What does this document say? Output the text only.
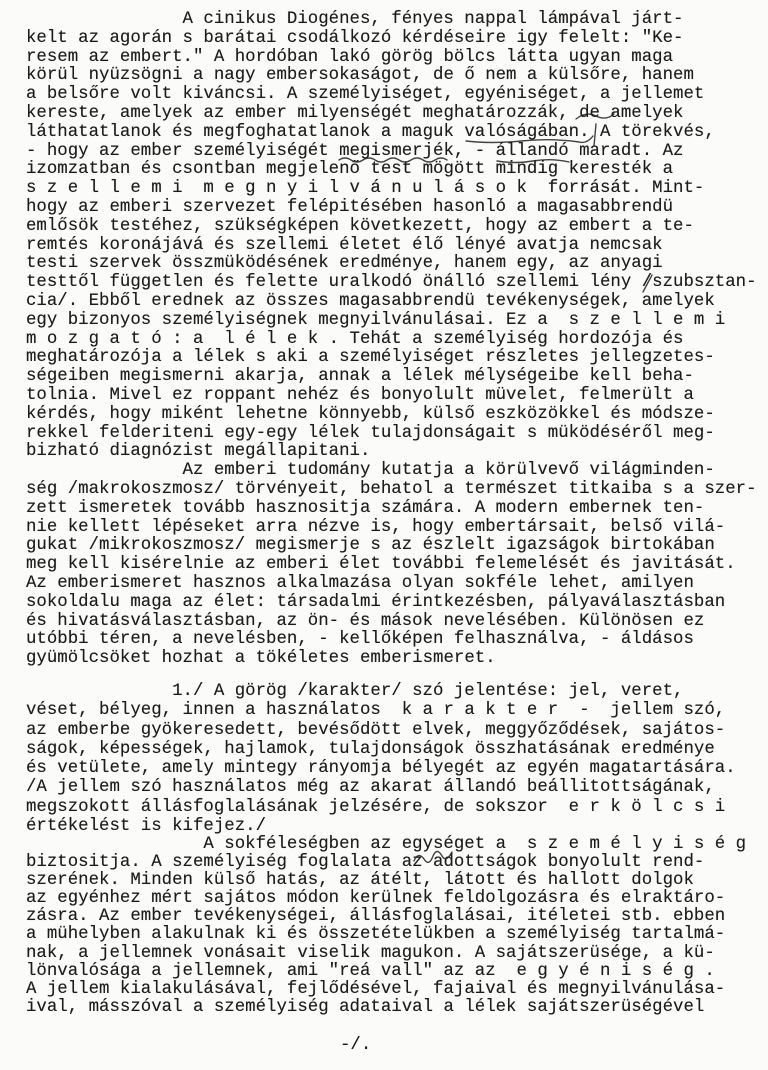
A cinikus Diogénes, fényes nappal lámpával járt-
kelt az agorán s barátai csodálkozó kérdéseire igy felelt: "Ke-
resem az embert." A hordóban lakó görög bölcs látta ugyan maga
körül nyüzsögni a nagy embersokaságot, de ő nem a külsőre, hanem
a belsőre volt kiváncsi. A személyiséget, egyéniséget, a jellemet
kereste, amelyek az ember milyenségét meghatározzák, de amelyek
láthatatlanok és megfoghatatlanok a maguk valóságában. A törekvés,
- hogy az ember személyiségét megismerjék, - állandó maradt. Az
izomzatban és csontban megjelenő test mögött mindig keresték a
s z e l l e m i  m e g n y i l v á n u l á s o k  forrását. Mint-
hogy az emberi szervezet felépitésében hasonló a magasabbrendü
emlősök testéhez, szükségképen következett, hogy az embert a te-
remtés koronájává és szellemi életet élő lényé avatja nemcsak
testi szervek összmüködésének eredménye, hanem egy, az anyagi
testtől független és felette uralkodó önálló szellemi lény /szubsztan-
cia/. Ebből erednek az összes magasabbrendü tevékenységek, amelyek
egy bizonyos személyiségnek megnyilvánulásai. Ez a  s z e l l e m i
m o z g a t ó : a  l é l e k . Tehát a személyiség hordozója és
meghatározója a lélek s aki a személyiséget részletes jellegzetes-
ségeiben megismerni akarja, annak a lélek mélységeibe kell beha-
tolnia. Mivel ez roppant nehéz és bonyolult müvelet, felmerült a
kérdés, hogy miként lehetne könnyebb, külső eszközökkel és módsze-
rekkel felderiteni egy-egy lélek tulajdonságait s müködéséről meg-
bizható diagnózist megállapitani.
Az emberi tudomány kutatja a körülvevő világminden-
ség /makrokoszmosz/ törvényeit, behatol a természet titkaiba s a szer-
zett ismeretek tovább hasznositja számára. A modern embernek ten-
nie kellett lépéseket arra nézve is, hogy embertársait, belső vilá-
gukat /mikrokoszmosz/ megismerje s az észlelt igazságok birtokában
meg kell kisérelnie az emberi élet további felemelését és javitását.
Az emberismeret hasznos alkalmazása olyan sokféle lehet, amilyen
sokoldalu maga az élet: társadalmi érintkezésben, pályaválasztásban
és hivatásválasztásban, az ön- és mások nevelésében. Különösen ez
utóbbi téren, a nevelésben, - kellőképen felhasználva, - áldásos
gyümölcsöket hozhat a tökéletes emberismeret.
1./ A görög /karakter/ szó jelentése: jel, veret,
véset, bélyeg, innen a használatos  k a r a k t e r  -  jellem szó,
az emberbe gyökeresedett, bevésődött elvek, meggyőződések, sajátos-
ságok, képességek, hajlamok, tulajdonságok összhatásának eredménye
és vetülete, amely mintegy rányomja bélyegét az egyén magatartására.
/A jellem szó használatos még az akarat állandó beállitottságának,
megszokott állásfoglalásának jelzésére, de sokszor  e r k ö l c s i
értékelést is kifejez./
A sokféleségben az egységet a  s z e m é l y i s é g
biztositja. A személyiség foglalata az adottságok bonyolult rend-
szerének. Minden külső hatás, az átélt, látott és hallott dolgok
az egyénhez mért sajátos módon kerülnek feldolgozásra és elraktáro-
zásra. Az ember tevékenységei, állásfoglalásai, itéletei stb. ebben
a mühelyben alakulnak ki és összetételükben a személyiség tartalmá-
nak, a jellemnek vonásait viselik magukon. A sajátszerüsége, a kü-
lönvalósága a jellemnek, ami "reá vall" az az  e g y é n i s é g .
A jellem kialakulásával, fejlődésével, fajaival és megnyilvánulása-
ival, másszóval a személyiség adataival a lélek sajátszerüségével
-/.
